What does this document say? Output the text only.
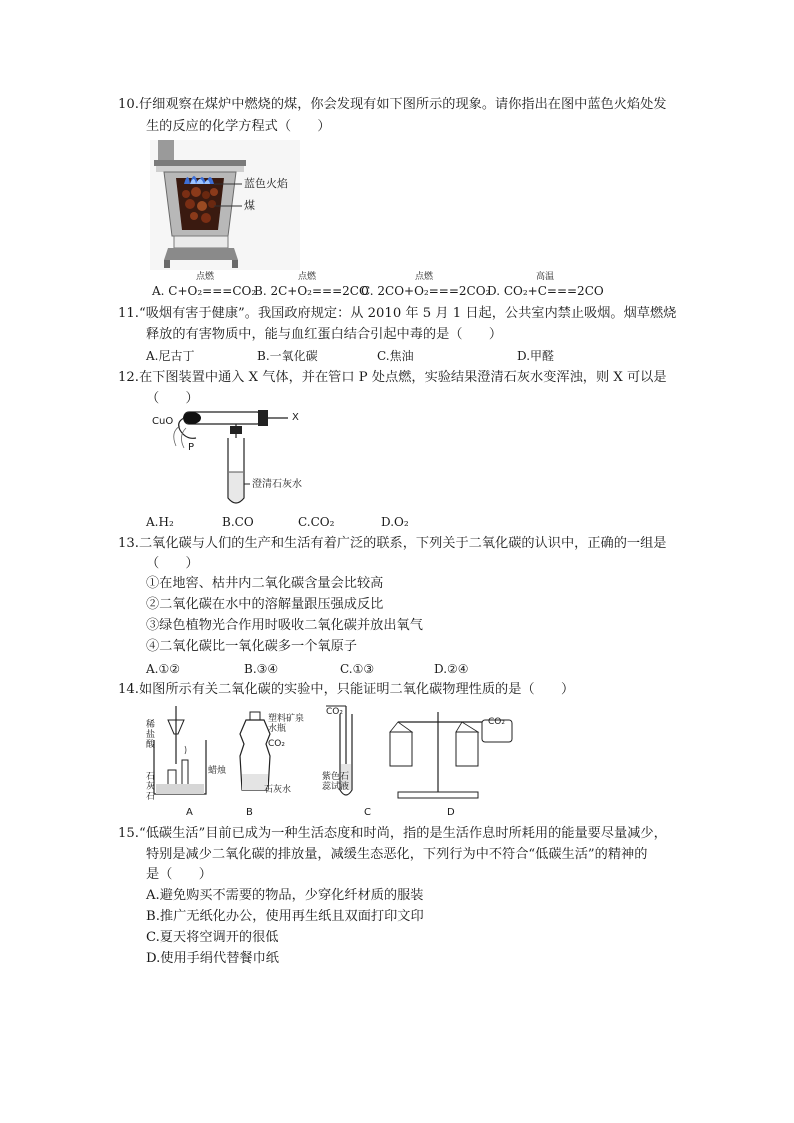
10.仔细观察在煤炉中燃烧的煤，你会发现有如下图所示的现象。请你指出在图中蓝色火焰处发
生的反应的化学方程式（　　）
蓝色火焰
煤
点燃	点燃	点燃	高温
A. C+O₂===CO₂
B. 2C+O₂===2CO
C. 2CO+O₂===2CO₂
D. CO₂+C===2CO
11.“吸烟有害于健康”。我国政府规定：从 2010 年 5 月 1 日起，公共室内禁止吸烟。烟草燃烧
释放的有害物质中，能与血红蛋白结合引起中毒的是（　　）
A.尼古丁	B.一氧化碳	C.焦油	D.甲醛
12.在下图装置中通入 X 气体，并在管口 P 处点燃，实验结果澄清石灰水变浑浊，则 X 可以是
（　　）
CuO	X
P
澄清石灰水
A.H₂	B.CO	C.CO₂	D.O₂
13.二氧化碳与人们的生产和生活有着广泛的联系，下列关于二氧化碳的认识中，正确的一组是
（　　）
①在地窖、枯井内二氧化碳含量会比较高
②二氧化碳在水中的溶解量跟压强成反比
③绿色植物光合作用时吸收二氧化碳并放出氧气
④二氧化碳比一氧化碳多一个氧原子
A.①②	B.③④	C.①③	D.②④
14.如图所示有关二氧化碳的实验中，只能证明二氧化碳物理性质的是（　　）
稀盐酸
蜡烛
石灰石
塑料矿泉水瓶
CO₂
石灰水
CO₂
紫色石蕊试液
CO₂
A	B	C	D
15.“低碳生活”目前已成为一种生活态度和时尚，指的是生活作息时所耗用的能量要尽量减少，
特别是减少二氧化碳的排放量，减缓生态恶化，下列行为中不符合“低碳生活”的精神的
是（　　）
A.避免购买不需要的物品，少穿化纤材质的服装
B.推广无纸化办公，使用再生纸且双面打印文印
C.夏天将空调开的很低
D.使用手绢代替餐巾纸
